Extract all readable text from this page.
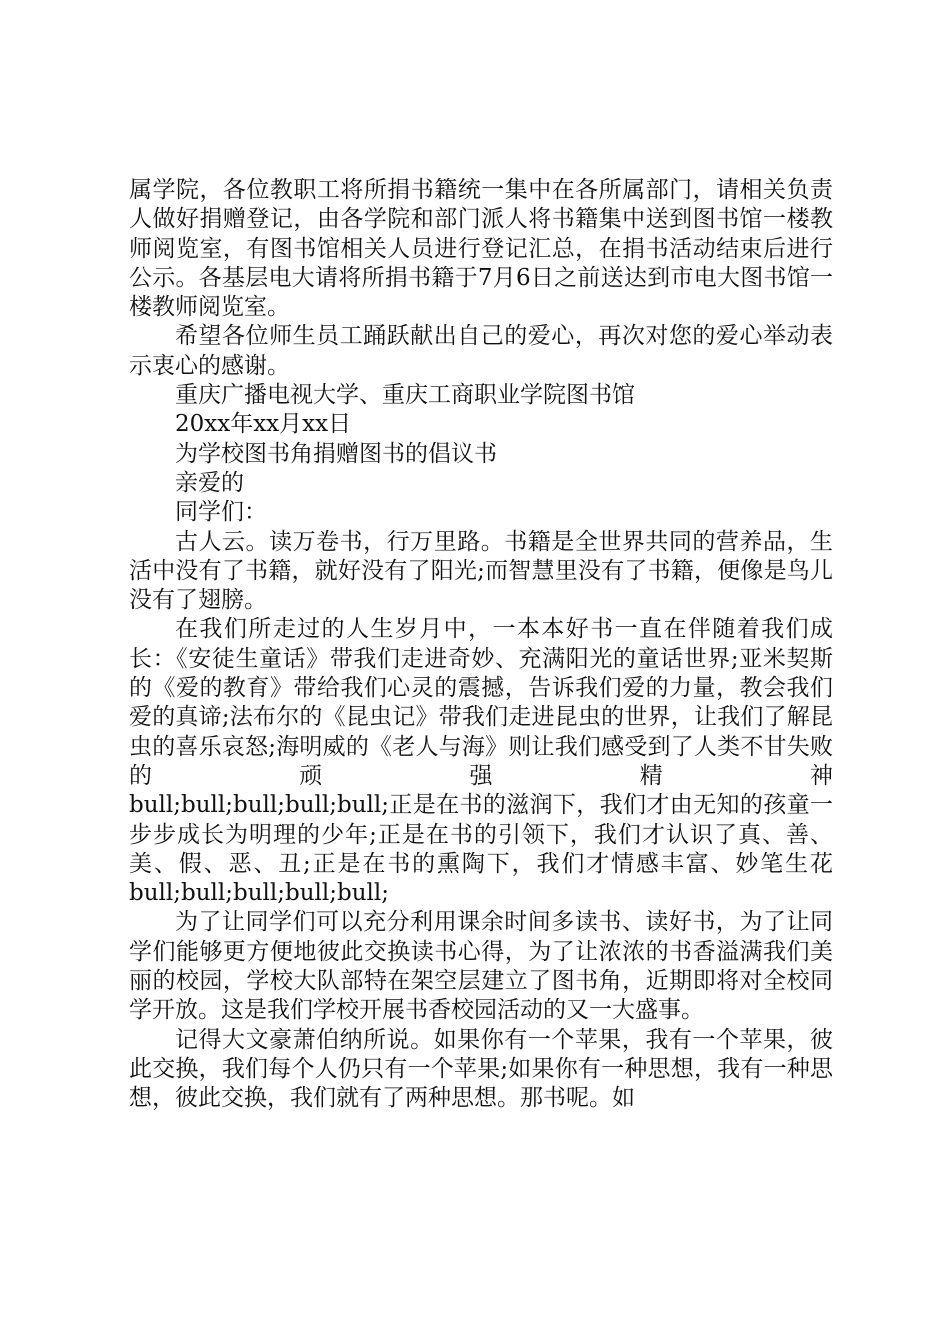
属学院，各位教职工将所捐书籍统一集中在各所属部门，请相关负责人做好捐赠登记，由各学院和部门派人将书籍集中送到图书馆一楼教师阅览室，有图书馆相关人员进行登记汇总，在捐书活动结束后进行公示。各基层电大请将所捐书籍于7月6日之前送达到市电大图书馆一楼教师阅览室。

希望各位师生员工踊跃献出自己的爱心，再次对您的爱心举动表示衷心的感谢。

重庆广播电视大学、重庆工商职业学院图书馆

20xx年xx月xx日

为学校图书角捐赠图书的倡议书

亲爱的

同学们：

古人云。读万卷书，行万里路。书籍是全世界共同的营养品，生活中没有了书籍，就好没有了阳光;而智慧里没有了书籍，便像是鸟儿没有了翅膀。

在我们所走过的人生岁月中，一本本好书一直在伴随着我们成长：《安徒生童话》带我们走进奇妙、充满阳光的童话世界;亚米契斯的《爱的教育》带给我们心灵的震撼，告诉我们爱的力量，教会我们爱的真谛;法布尔的《昆虫记》带我们走进昆虫的世界，让我们了解昆虫的喜乐哀怒;海明威的《老人与海》则让我们感受到了人类不甘失败的顽强精神

bull;bull;bull;bull;bull;正是在书的滋润下，我们才由无知的孩童一步步成长为明理的少年;正是在书的引领下，我们才认识了真、善、美、假、恶、丑;正是在书的熏陶下，我们才情感丰富、妙笔生花bull;bull;bull;bull;bull;

为了让同学们可以充分利用课余时间多读书、读好书，为了让同学们能够更方便地彼此交换读书心得，为了让浓浓的书香溢满我们美丽的校园，学校大队部特在架空层建立了图书角，近期即将对全校同学开放。这是我们学校开展书香校园活动的又一大盛事。

记得大文豪萧伯纳所说。如果你有一个苹果，我有一个苹果，彼此交换，我们每个人仍只有一个苹果;如果你有一种思想，我有一种思想，彼此交换，我们就有了两种思想。那书呢。如
